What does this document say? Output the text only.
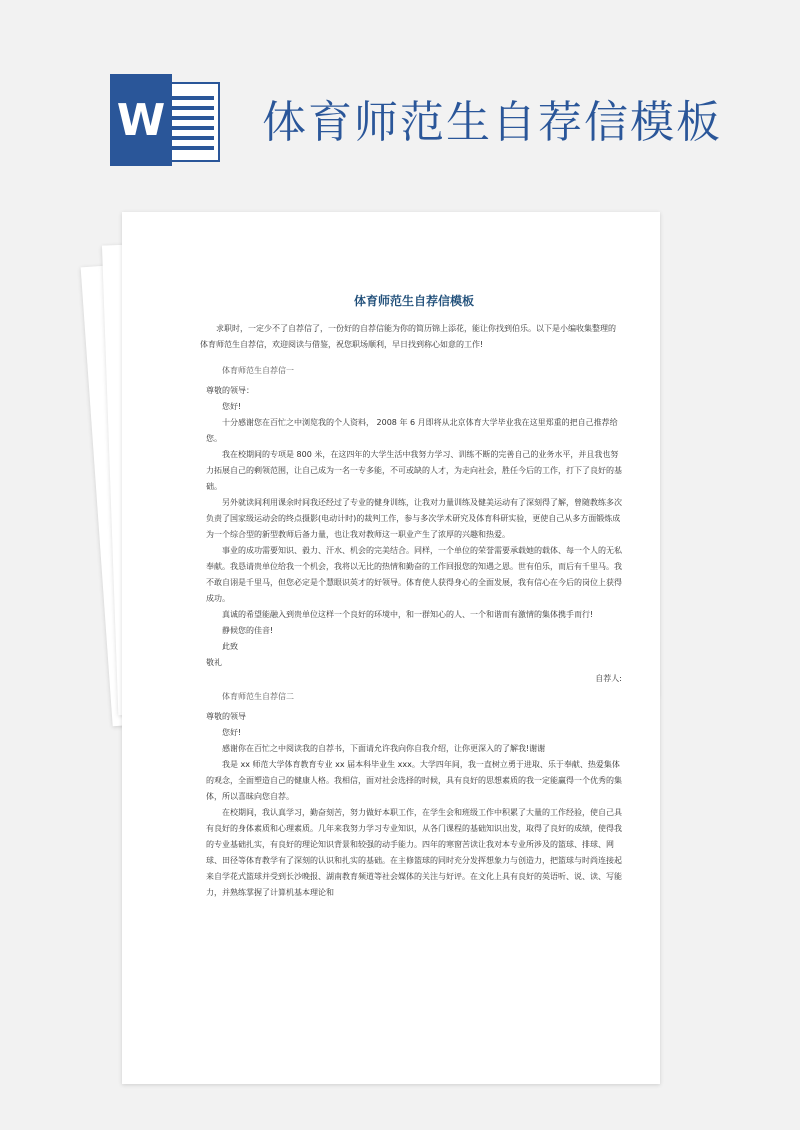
W 体育师范生自荐信模板
体育师范生自荐信模板

求职时，一定少不了自荐信了，一份好的自荐信能为你的简历锦上添花，能让你找到伯乐。以下是小编收集整理的体育师范生自荐信，欢迎阅读与借鉴，祝您职场顺利，早日找到称心如意的工作!

体育师范生自荐信一

尊敬的领导：

您好!

十分感谢您在百忙之中浏览我的个人资料， 2008 年 6 月即将从北京体育大学毕业我在这里郑重的把自己推荐给您。

我在校期间的专项是 800 米，在这四年的大学生活中我努力学习、训练不断的完善自己的业务水平，并且我也努力拓展自己的剩领范围，让自己成为一名一专多能，不可或缺的人才，为走向社会，胜任今后的工作，打下了良好的基础。

另外就读间利用课余时间我还经过了专业的健身训练，让我对力量训练及健美运动有了深刻得了解，曾随教练多次负责了国家级运动会的终点摄影(电动计时)的裁判工作，参与多次学术研究及体育科研实验，更使自己从多方面锻炼成为一个综合型的新型教师后备力量，也让我对教师这一职业产生了浓厚的兴趣和热爱。

事业的成功需要知识、毅力、汗水、机会的完美结合。同样，一个单位的荣誉需要承载她的载体、每一个人的无私奉献。我恳请贵单位给我一个机会，我将以无比的热情和勤奋的工作回报您的知遇之恩。世有伯乐，而后有千里马。我不敢自诩是千里马，但您必定是个慧眼识英才的好领导。体育使人获得身心的全面发展，我有信心在今后的岗位上获得成功。

真诚的希望能融入到贵单位这样一个良好的环境中，和一群知心的人、一个和谐而有激情的集体携手而行!

静候您的佳音!

此致

敬礼

自荐人:

体育师范生自荐信二

尊敬的领导

您好!

感谢你在百忙之中阅读我的自荐书，下面请允许我向你自我介绍，让你更深入的了解我!谢谢

我是 xx 师范大学体育教育专业 xx 届本科毕业生 xxx。大学四年间，我一直树立勇于进取、乐于奉献、热爱集体的观念，全面塑造自己的健康人格。我相信，面对社会选择的时候，具有良好的思想素质的我一定能赢得一个优秀的集体，所以喜昧向您自荐。

在校期间，我认真学习，勤奋刻苦，努力做好本职工作，在学生会和班级工作中积累了大量的工作经验，使自己具有良好的身体素质和心理素质。几年来我努力学习专业知识，从各门课程的基础知识出发，取得了良好的成绩，使得我的专业基础扎实，有良好的理论知识背景和较强的动手能力。四年的寒窗苦读让我对本专业所涉及的篮球、排球、网球、田径等体育教学有了深刻的认识和扎实的基础。在主修篮球的同时充分发挥想象力与创造力，把篮球与时尚连接起来自学花式篮球并受到长沙晚报、湖南教育频道等社会媒体的关注与好评。在文化上具有良好的英语听、说、读、写能力，并熟练掌握了计算机基本理论和
